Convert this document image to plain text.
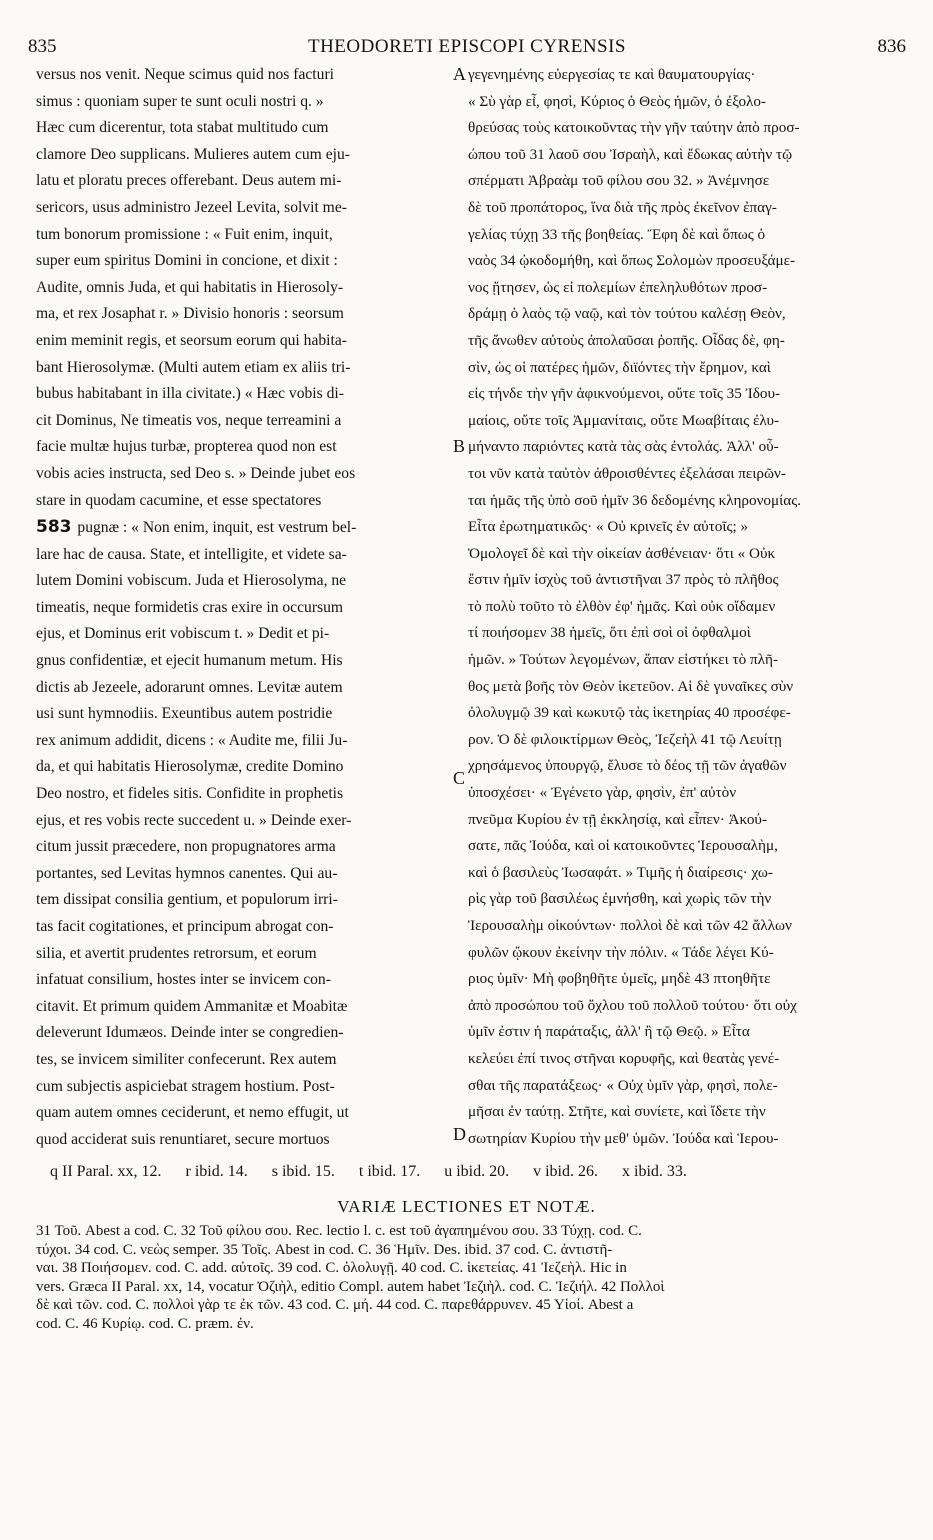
835	THEODORETI EPISCOPI CYRENSIS	836
versus nos venit. Neque scimus quid nos facturi
simus : quoniam super te sunt oculi nostri q. »
Hæc cum dicerentur, tota stabat multitudo cum
clamore Deo supplicans. Mulieres autem cum eju-
latu et ploratu preces offerebant. Deus autem mi-
sericors, usus administro Jezeel Levita, solvit me-
tum bonorum promissione : « Fuit enim, inquit,
super eum spiritus Domini in concione, et dixit :
Audite, omnis Juda, et qui habitatis in Hierosoly-
ma, et rex Josaphat r. » Divisio honoris : seorsum
enim meminit regis, et seorsum eorum qui habita-
bant Hierosolymæ. (Multi autem etiam ex aliis tri-
bubus habitabant in illa civitate.) « Hæc vobis di-
cit Dominus, Ne timeatis vos, neque terreamini a
facie multæ hujus turbæ, propterea quod non est
vobis acies instructa, sed Deo s. » Deinde jubet eos
stare in quodam cacumine, et esse spectatores
583 pugnæ : « Non enim, inquit, est vestrum bel-
lare hac de causa. State, et intelligite, et videte sa-
lutem Domini vobiscum. Juda et Hierosolyma, ne
timeatis, neque formidetis cras exire in occursum
ejus, et Dominus erit vobiscum t. » Dedit et pi-
gnus confidentiæ, et ejecit humanum metum. His
dictis ab Jezeele, adorarunt omnes. Levitæ autem
usi sunt hymnodiis. Exeuntibus autem postridie
rex animum addidit, dicens : « Audite me, filii Ju-
da, et qui habitatis Hierosolymæ, credite Domino
Deo nostro, et fideles sitis. Confidite in prophetis
ejus, et res vobis recte succedent u. » Deinde exer-
citum jussit præcedere, non propugnatores arma
portantes, sed Levitas hymnos canentes. Qui au-
tem dissipat consilia gentium, et populorum irri-
tas facit cogitationes, et principum abrogat con-
silia, et avertit prudentes retrorsum, et eorum
infatuat consilium, hostes inter se invicem con-
citavit. Et primum quidem Ammanitæ et Moabitæ
deleverunt Idumæos. Deinde inter se congredien-
tes, se invicem similiter confecerunt. Rex autem
cum subjectis aspiciebat stragem hostium. Post-
quam autem omnes ceciderunt, et nemo effugit, ut
quod acciderat suis renuntiaret, secure mortuos
γεγενημένης εὐεργεσίας τε καὶ θαυματουργίας·
« Σὺ γὰρ εἶ, φησὶ, Κύριος ὁ Θεὸς ἡμῶν, ὁ ἐξολο-
θρεύσας τοὺς κατοικοῦντας τὴν γῆν ταύτην ἀπὸ προσ-
ώπου τοῦ 31 λαοῦ σου Ἰσραὴλ, καὶ ἔδωκας αὐτὴν τῷ
σπέρματι Ἀβραὰμ τοῦ φίλου σου 32. » Ἀνέμνησε
δὲ τοῦ προπάτορος, ἵνα διὰ τῆς πρὸς ἐκεῖνον ἐπαγ-
γελίας τύχῃ 33 τῆς βοηθείας. Ἔφη δὲ καὶ ὅπως ὁ
ναὸς 34 ᾠκοδομήθη, καὶ ὅπως Σολομὼν προσευξάμε-
νος ᾔτησεν, ὡς εἰ πολεμίων ἐπεληλυθότων προσ-
δράμῃ ὁ λαὸς τῷ ναῷ, καὶ τὸν τούτου καλέσῃ Θεὸν,
τῆς ἄνωθεν αὐτοὺς ἀπολαῦσαι ῥοπῆς. Οἶδας δὲ, φη-
σὶν, ὡς οἱ πατέρες ἡμῶν, διϊόντες τὴν ἔρημον, καὶ
εἰς τήνδε τὴν γῆν ἀφικνούμενοι, οὔτε τοῖς 35 Ἰδου-
μαίοις, οὔτε τοῖς Ἀμμανίταις, οὔτε Μωαβίταις ἐλυ-
μήναντο παριόντες κατὰ τὰς σὰς ἐντολάς. Ἀλλ' οὗ-
τοι νῦν κατὰ ταὐτὸν ἀθροισθέντες ἐξελάσαι πειρῶν-
ται ἡμᾶς τῆς ὑπὸ σοῦ ἡμῖν 36 δεδομένης κληρονομίας.
Εἶτα ἐρωτηματικῶς· « Οὐ κρινεῖς ἐν αὐτοῖς; »
Ὁμολογεῖ δὲ καὶ τὴν οἰκείαν ἀσθένειαν· ὅτι « Οὐκ
ἔστιν ἡμῖν ἰσχὺς τοῦ ἀντιστῆναι 37 πρὸς τὸ πλῆθος
τὸ πολὺ τοῦτο τὸ ἐλθὸν ἐφ' ἡμᾶς. Καὶ οὐκ οἴδαμεν
τί ποιήσομεν 38 ἡμεῖς, ὅτι ἐπὶ σοὶ οἱ ὀφθαλμοὶ
ἡμῶν. » Τούτων λεγομένων, ἅπαν εἱστήκει τὸ πλῆ-
θος μετὰ βοῆς τὸν Θεὸν ἱκετεῦον. Αἱ δὲ γυναῖκες σὺν
ὀλολυγμῷ 39 καὶ κωκυτῷ τὰς ἱκετηρίας 40 προσέφε-
ρον. Ὁ δὲ φιλοικτίρμων Θεὸς, Ἰεζεὴλ 41 τῷ Λευίτῃ
χρησάμενος ὑπουργῷ, ἔλυσε τὸ δέος τῇ τῶν ἀγαθῶν
ὑποσχέσει· « Ἐγένετο γὰρ, φησὶν, ἐπ' αὐτὸν
πνεῦμα Κυρίου ἐν τῇ ἐκκλησίᾳ, καὶ εἶπεν· Ἀκού-
σατε, πᾶς Ἰούδα, καὶ οἱ κατοικοῦντες Ἱερουσαλὴμ,
καὶ ὁ βασιλεὺς Ἰωσαφάτ. » Τιμῆς ἡ διαίρεσις· χω-
ρὶς γὰρ τοῦ βασιλέως ἐμνήσθη, καὶ χωρὶς τῶν τὴν
Ἱερουσαλὴμ οἰκούντων· πολλοὶ δὲ καὶ τῶν 42 ἄλλων
φυλῶν ᾤκουν ἐκείνην τὴν πόλιν. « Τάδε λέγει Κύ-
ριος ὑμῖν· Μὴ φοβηθῆτε ὑμεῖς, μηδὲ 43 πτοηθῆτε
ἀπὸ προσώπου τοῦ ὄχλου τοῦ πολλοῦ τούτου· ὅτι οὐχ
ὑμῖν ἐστιν ἡ παράταξις, ἀλλ' ἢ τῷ Θεῷ. » Εἶτα
κελεύει ἐπί τινος στῆναι κορυφῆς, καὶ θεατὰς γενέ-
σθαι τῆς παρατάξεως· « Οὐχ ὑμῖν γὰρ, φησὶ, πολε-
μῆσαι ἐν ταύτῃ. Στῆτε, καὶ συνίετε, καὶ ἴδετε τὴν
σωτηρίαν Κυρίου τὴν μεθ' ὑμῶν. Ἰούδα καὶ Ἱερου-
A
B
C
D
q II Paral. xx, 12. r ibid. 14. s ibid. 15. t ibid. 17. u ibid. 20. v ibid. 26. x ibid. 33.
VARIÆ LECTIONES ET NOTÆ.
31 Τοῦ. Abest a cod. C. 32 Τοῦ φίλου σου. Rec. lectio l. c. est τοῦ ἀγαπημένου σου. 33 Τύχῃ. cod. C.
τύχοι. 34 cod. C. νεὼς semper. 35 Τοῖς. Abest in cod. C. 36 Ἡμῖν. Des. ibid. 37 cod. C. ἀντιστῆ-
ναι. 38 Ποιήσομεν. cod. C. add. αὐτοῖς. 39 cod. C. ὀλολυγῇ. 40 cod. C. ἱκετείας. 41 Ἰεζεὴλ. Hic in
vers. Græca II Paral. xx, 14, vocatur Ὀζιὴλ, editio Compl. autem habet Ἰεζιὴλ. cod. C. Ἰεζιήλ. 42 Πολλοὶ
δὲ καὶ τῶν. cod. C. πολλοὶ γὰρ τε ἐκ τῶν. 43 cod. C. μή. 44 cod. C. παρεθάρρυνεν. 45 Υἱοί. Abest a
cod. C. 46 Κυρίῳ. cod. C. præm. ἐν.
